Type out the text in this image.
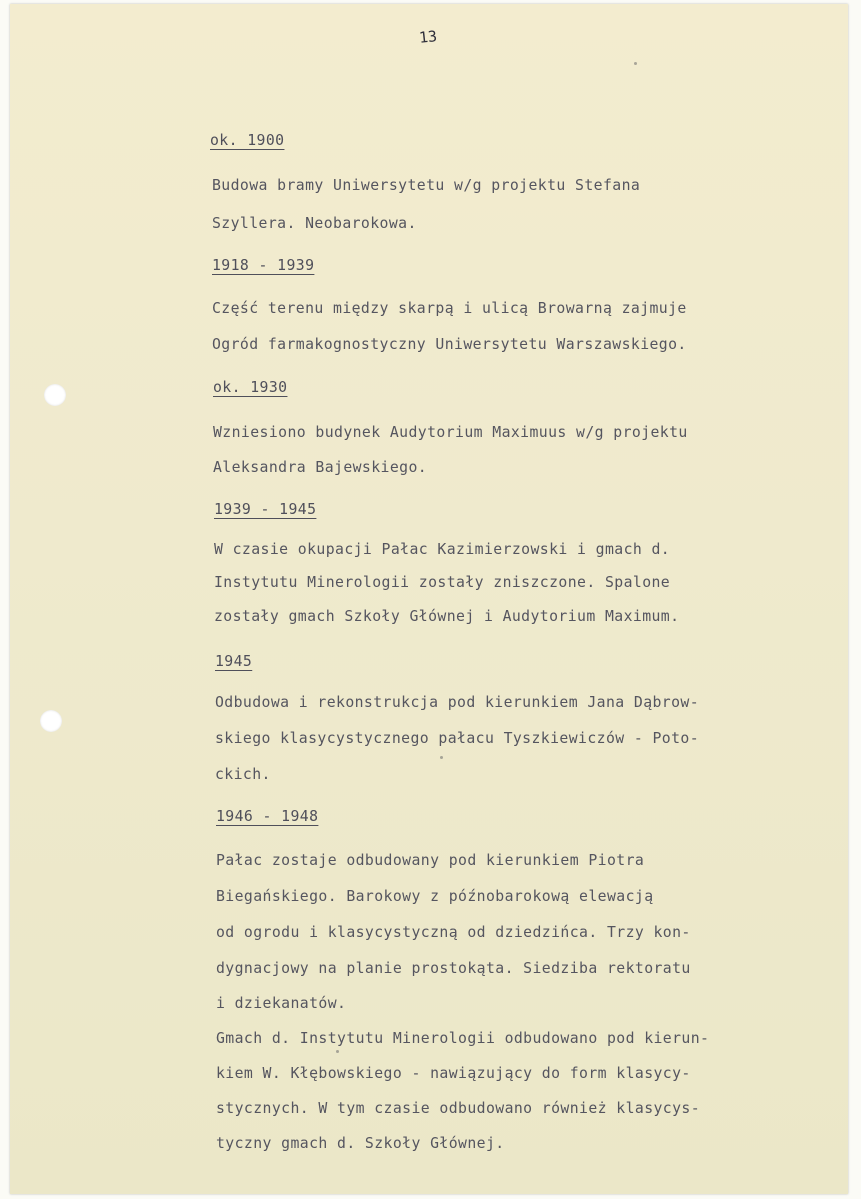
13

ok. 1900

Budowa bramy Uniwersytetu w/g projektu Stefana

Szyllera. Neobarokowa.

1918 - 1939

Część terenu między skarpą i ulicą Browarną zajmuje

Ogród farmakognostyczny Uniwersytetu Warszawskiego.

ok. 1930

Wzniesiono budynek Audytorium Maximuus w/g projektu

Aleksandra Bajewskiego.

1939 - 1945

W czasie okupacji Pałac Kazimierzowski i gmach d.

Instytutu Minerologii zostały zniszczone. Spalone

zostały gmach Szkoły Głównej i Audytorium Maximum.

1945

Odbudowa i rekonstrukcja pod kierunkiem Jana Dąbrow-

skiego klasycystycznego pałacu Tyszkiewiczów - Poto-

ckich.

1946 - 1948

Pałac zostaje odbudowany pod kierunkiem Piotra

Biegańskiego. Barokowy z późnobarokową elewacją

od ogrodu i klasycystyczną od dziedzińca. Trzy kon-

dygnacjowy na planie prostokąta. Siedziba rektoratu

i dziekanatów.

Gmach d. Instytutu Minerologii odbudowano pod kierun-

kiem W. Kłębowskiego - nawiązujący do form klasycy-

stycznych. W tym czasie odbudowano również klasycys-

tyczny gmach d. Szkoły Głównej.
